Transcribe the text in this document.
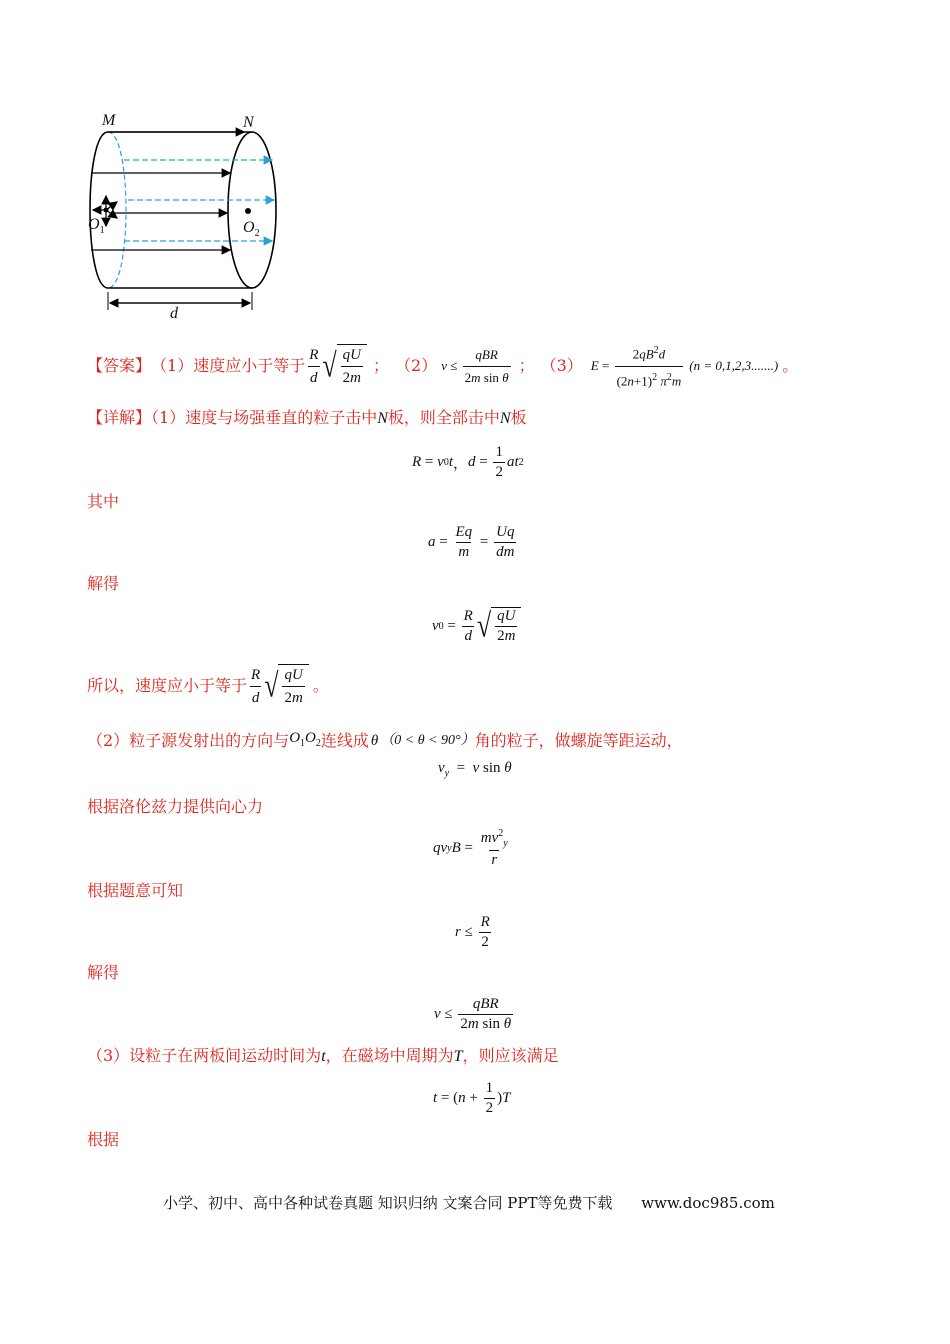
M	N
$O_1$	$O_2$
d
【答案】 （1）速度应小于等于 $\frac{R}{d}$ √ $\frac{qU}{2m}$ ； （2） $v \le \frac{\text{qBR}}{\text{2m sin θ}}$ ； （3） $E = \frac{2qB^2d}{(2n+1)^2 \pi^2m} (n = 0,1,2,3.......)$ 。
【详解】（1）速度与场强垂直的粒子击中N板，则全部击中N板
R = v 0 t ， $d = \frac{1}{2}$ at 2
其中
$a = \frac{Eq}{m} = \frac{Uq}{dm}$
解得
v $0 = \frac{R}{d}$ √ $\frac{qU}{2m}$
所以，速度应小于等于 $\frac{R}{d}$ √ $\frac{qU}{2m}$ 。
（2）粒子源发射出的方向与 $O_1O_2$ 连线成 θ （0 < θ < 90°） 角的粒子，做螺旋等距运动，
$v_y = v$ sin θ
根据洛伦兹力提供向心力
qv y $B = \frac{mv^2_y}{r}$
根据题意可知
$r \le \frac{R}{2}$
解得
$v \le \frac{\text{qBR}}{\text{2m sin θ}}$
（3）设粒子在两板间运动时间为t，在磁场中周期为T，则应该满足
t = ( $n + \frac{1}{2}$ ) T
根据
小学、初中、高中各种试卷真题 知识归纳 文案合同 PPT等免费下载 www.doc985.com
